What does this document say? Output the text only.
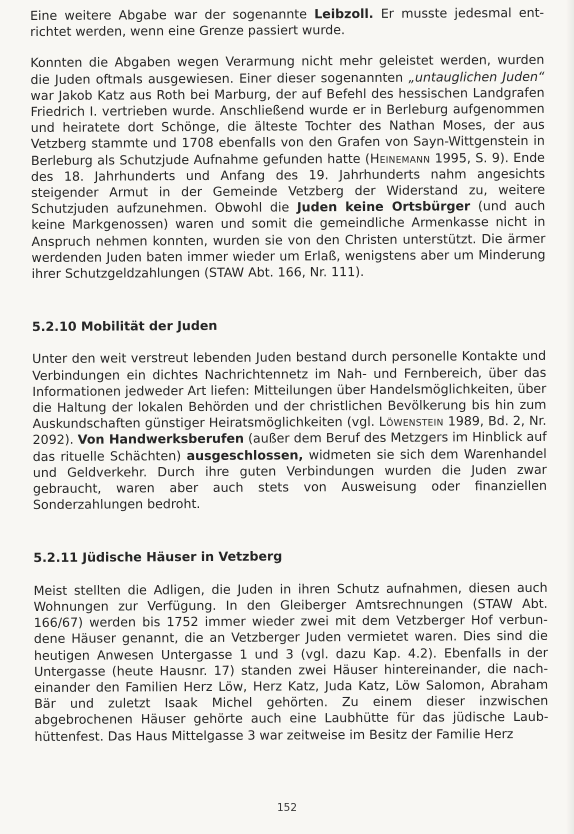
Eine weitere Abgabe war der sogenannte Leibzoll. Er musste jedesmal entrichtet werden, wenn eine Grenze passiert wurde.

Konnten die Abgaben wegen Verarmung nicht mehr geleistet werden, wurden die Juden oftmals ausgewiesen. Einer dieser sogenannten „untauglichen Juden“ war Jakob Katz aus Roth bei Marburg, der auf Befehl des hessischen Landgrafen Friedrich I. vertrieben wurde. Anschließend wurde er in Berleburg aufgenommen und heiratete dort Schönge, die älteste Tochter des Nathan Moses, der aus Vetzberg stammte und 1708 ebenfalls von den Grafen von Sayn-Wittgenstein in Berleburg als Schutzjude Aufnahme gefunden hatte (Heinemann 1995, S. 9). Ende des 18. Jahrhunderts und Anfang des 19. Jahrhunderts nahm angesichts steigender Armut in der Gemeinde Vetzberg der Widerstand zu, weitere Schutzjuden aufzunehmen. Obwohl die Juden keine Ortsbürger (und auch keine Markgenossen) waren und somit die gemeindliche Armenkasse nicht in Anspruch nehmen konnten, wurden sie von den Christen unterstützt. Die ärmer werdenden Juden baten immer wieder um Erlaß, wenigstens aber um Minderung ihrer Schutzgeldzahlungen (STAW Abt. 166, Nr. 111).

5.2.10 Mobilität der Juden

Unter den weit verstreut lebenden Juden bestand durch personelle Kontakte und Verbindungen ein dichtes Nachrichtennetz im Nah- und Fernbereich, über das Informationen jedweder Art liefen: Mitteilungen über Handelsmöglichkeiten, über die Haltung der lokalen Behörden und der christlichen Bevölkerung bis hin zum Auskundschaften günstiger Heiratsmöglichkeiten (vgl. Löwenstein 1989, Bd. 2, Nr. 2092). Von Handwerksberufen (außer dem Beruf des Metzgers im Hinblick auf das rituelle Schächten) ausgeschlossen, widmeten sie sich dem Warenhandel und Geldverkehr. Durch ihre guten Verbindungen wurden die Juden zwar gebraucht, waren aber auch stets von Ausweisung oder finanziellen Sonderzahlungen bedroht.

5.2.11 Jüdische Häuser in Vetzberg

Meist stellten die Adligen, die Juden in ihren Schutz aufnahmen, diesen auch Wohnungen zur Verfügung. In den Gleiberger Amtsrechnungen (STAW Abt. 166/67) werden bis 1752 immer wieder zwei mit dem Vetzberger Hof verbundene Häuser genannt, die an Vetzberger Juden vermietet waren. Dies sind die heutigen Anwesen Untergasse 1 und 3 (vgl. dazu Kap. 4.2). Ebenfalls in der Untergasse (heute Hausnr. 17) standen zwei Häuser hintereinander, die nacheinander den Familien Herz Löw, Herz Katz, Juda Katz, Löw Salomon, Abraham Bär und zuletzt Isaak Michel gehörten. Zu einem dieser inzwischen abgebrochenen Häuser gehörte auch eine Laubhütte für das jüdische Laubhüttenfest. Das Haus Mittelgasse 3 war zeitweise im Besitz der Familie Herz

152
